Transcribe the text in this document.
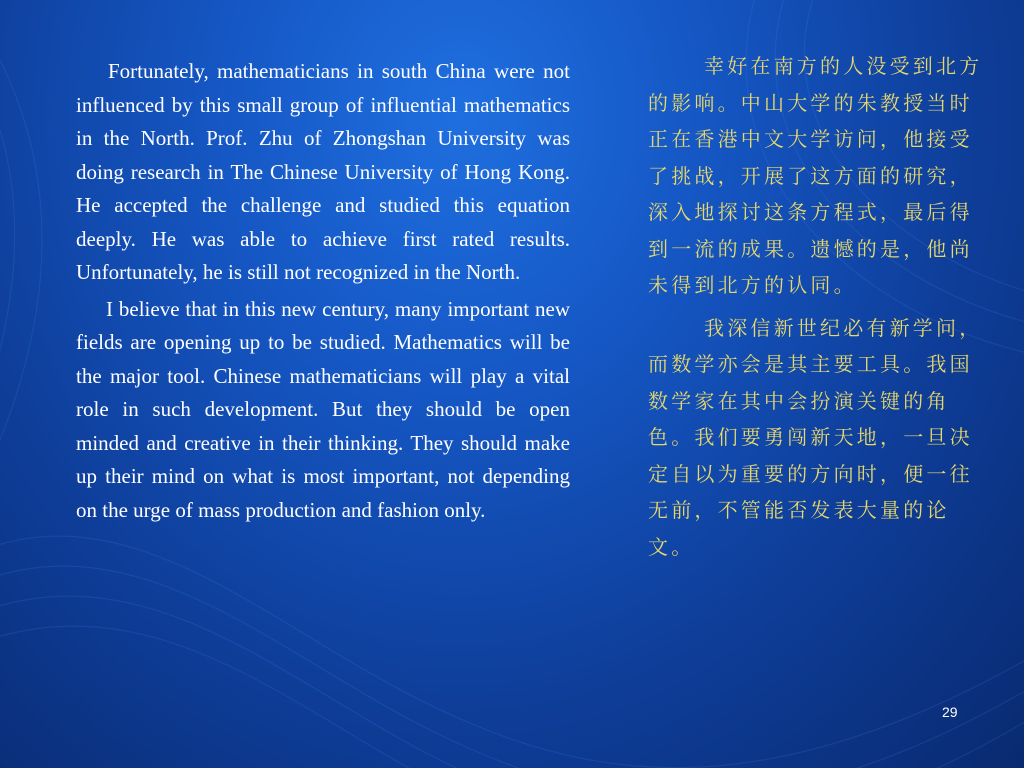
Fortunately, mathematicians in south China were not influenced by this small group of influential mathematics in the North. Prof. Zhu of Zhongshan University was doing research in The Chinese University of Hong Kong. He accepted the challenge and studied this equation deeply. He was able to achieve first rated results. Unfortunately, he is still not recognized in the North.

I believe that in this new century, many important new fields are opening up to be studied. Mathematics will be the major tool. Chinese mathematicians will play a vital role in such development. But they should be open minded and creative in their thinking. They should make up their mind on what is most important, not depending on the urge of mass production and fashion only.

幸好在南方的人没受到北方的影响。中山大学的朱教授当时正在香港中文大学访问，他接受了挑战，开展了这方面的研究，深入地探讨这条方程式，最后得到一流的成果。遗憾的是，他尚未得到北方的认同。

我深信新世纪必有新学问，而数学亦会是其主要工具。我国数学家在其中会扮演关键的角色。我们要勇闯新天地，一旦决定自以为重要的方向时，便一往无前，不管能否发表大量的论文。

29
